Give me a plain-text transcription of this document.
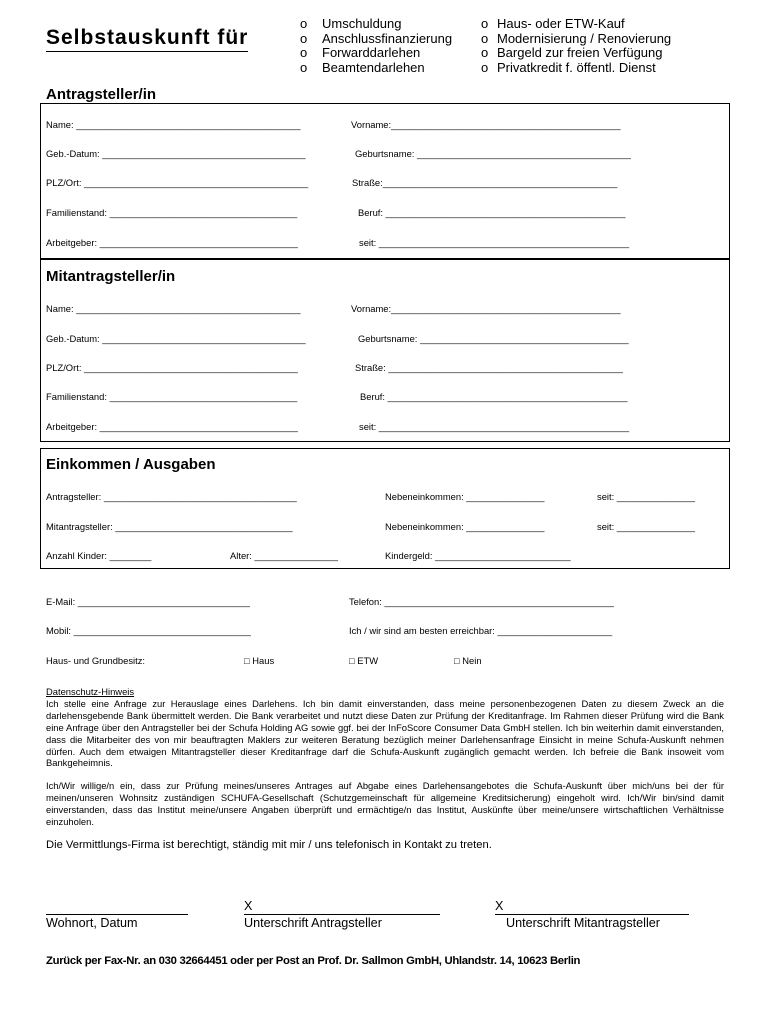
Selbstauskunft für
o Umschuldung
o Anschlussfinanzierung
o Forwarddarlehen
o Beamtendarlehen
o Haus- oder ETW-Kauf
o Modernisierung / Renovierung
o Bargeld zur freien Verfügung
o Privatkredit f. öffentl. Dienst
Antragsteller/in
Name: ___________________________________________	Vorname:____________________________________________
Geb.-Datum: _______________________________________	Geburtsname: _________________________________________
PLZ/Ort: ___________________________________________	Straße:_____________________________________________
Familienstand: ____________________________________	Beruf: ______________________________________________
Arbeitgeber: ______________________________________	seit: ________________________________________________
Mitantragsteller/in
Name: ___________________________________________	Vorname:____________________________________________
Geb.-Datum: _______________________________________	Geburtsname: ________________________________________
PLZ/Ort: _________________________________________	Straße: _____________________________________________
Familienstand: ____________________________________	Beruf: ______________________________________________
Arbeitgeber: ______________________________________	seit: ________________________________________________
Einkommen / Ausgaben
Antragsteller: _____________________________________	Nebeneinkommen: _______________	seit: _______________
Mitantragsteller: __________________________________	Nebeneinkommen: _______________	seit: _______________
Anzahl Kinder: ________	Alter: ________________	Kindergeld: __________________________
E-Mail: _________________________________	Telefon: ____________________________________________
Mobil: __________________________________	Ich / wir sind am besten erreichbar: ______________________
Haus- und Grundbesitz:	□ Haus	□ ETW	□ Nein
Datenschutz-Hinweis
Ich stelle eine Anfrage zur Herauslage eines Darlehens. Ich bin damit einverstanden, dass meine personenbezogenen Daten zu diesem Zweck an die darlehensgebende Bank übermittelt werden. Die Bank verarbeitet und nutzt diese Daten zur Prüfung der Kreditanfrage. Im Rahmen dieser Prüfung wird die Bank eine Anfrage über den Antragsteller bei der Schufa Holding AG sowie ggf. bei der InFoScore Consumer Data GmbH stellen. Ich bin weiterhin damit einverstanden, dass die Mitarbeiter des von mir beauftragten Maklers zur weiteren Beratung bezüglich meiner Darlehensanfrage Einsicht in meine Schufa-Auskunft nehmen dürfen. Auch dem etwaigen Mitantragsteller dieser Kreditanfrage darf die Schufa-Auskunft zugänglich gemacht werden. Ich befreie die Bank insoweit vom Bankgeheimnis.
Ich/Wir willige/n ein, dass zur Prüfung meines/unseres Antrages auf Abgabe eines Darlehensangebotes die Schufa-Auskunft über mich/uns bei der für meinen/unseren Wohnsitz zuständigen SCHUFA-Gesellschaft (Schutzgemeinschaft für allgemeine Kreditsicherung) eingeholt wird. Ich/Wir bin/sind damit einverstanden, dass das Institut meine/unsere Angaben überprüft und ermächtige/n das Institut, Auskünfte über meine/unsere wirtschaftlichen Verhältnisse einzuholen.
Die Vermittlungs-Firma ist berechtigt, ständig mit mir / uns telefonisch in Kontakt zu treten.
X	X
Wohnort, Datum	Unterschrift Antragsteller	Unterschrift Mitantragsteller
Zurück per Fax-Nr. an 030 32664451 oder per Post an Prof. Dr. Sallmon GmbH, Uhlandstr. 14, 10623 Berlin
